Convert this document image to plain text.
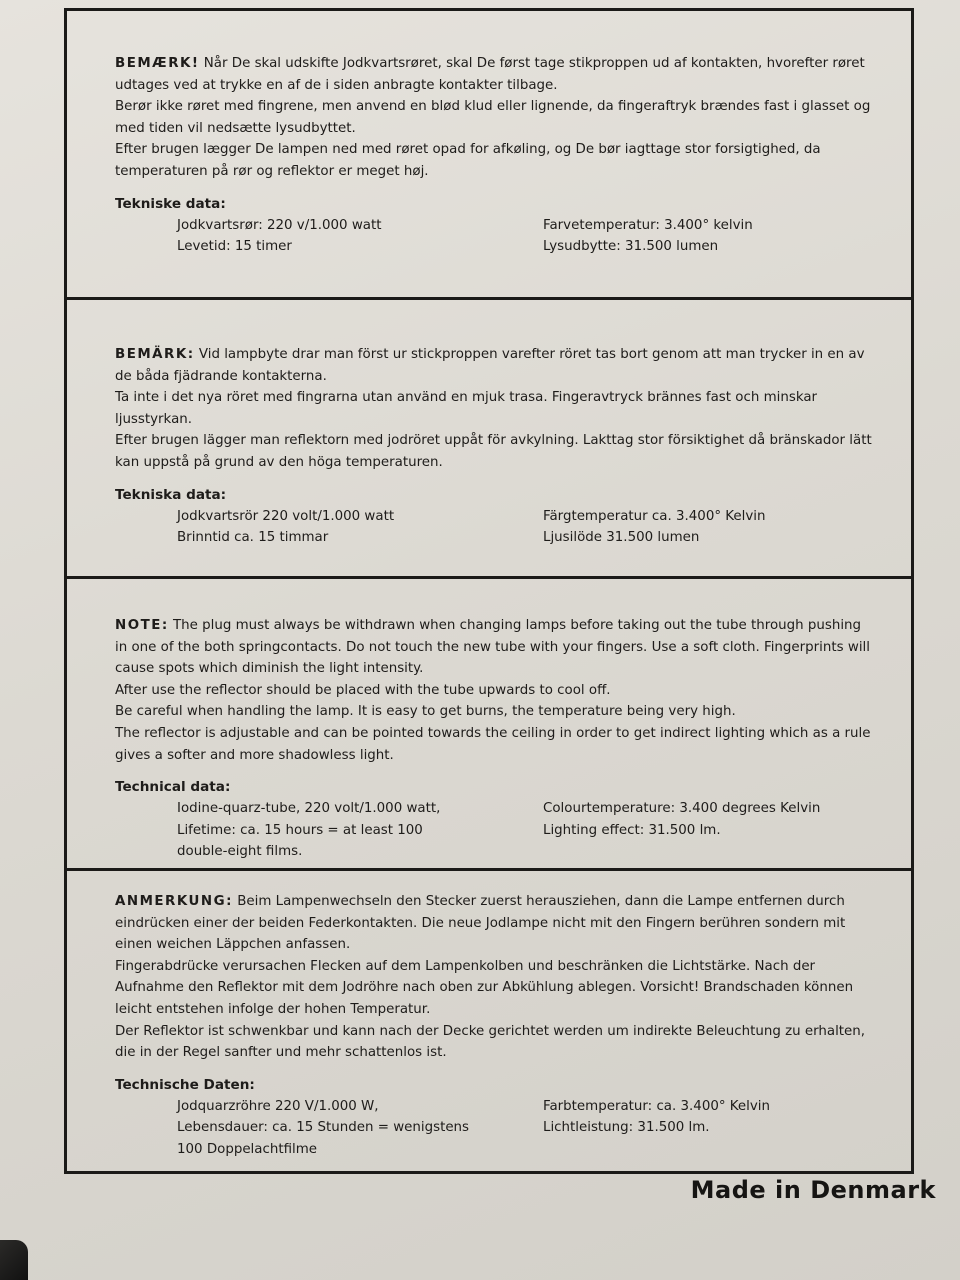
BEMÆRK! Når De skal udskifte Jodkvartsrøret, skal De først tage stikproppen ud af kontakten, hvorefter røret udtages ved at trykke en af de i siden anbragte kontakter tilbage.

Berør ikke røret med fingrene, men anvend en blød klud eller lignende, da fingeraftryk brændes fast i glasset og med tiden vil nedsætte lysudbyttet.

Efter brugen lægger De lampen ned med røret opad for afkøling, og De bør iagttage stor forsigtighed, da temperaturen på rør og reflektor er meget høj.

Tekniske data:

Jodkvartsrør: 220 v/1.000 watt
Levetid: 15 timer
Farvetemperatur: 3.400° kelvin
Lysudbytte: 31.500 lumen

BEMÄRK: Vid lampbyte drar man först ur stickproppen varefter röret tas bort genom att man trycker in en av de båda fjädrande kontakterna.

Ta inte i det nya röret med fingrarna utan använd en mjuk trasa. Fingeravtryck brännes fast och minskar ljusstyrkan.

Efter brugen lägger man reflektorn med jodröret uppåt för avkylning. Lakttag stor försiktighet då bränskador lätt kan uppstå på grund av den höga temperaturen.

Tekniska data:

Jodkvartsrör 220 volt/1.000 watt
Brinntid ca. 15 timmar
Färgtemperatur ca. 3.400° Kelvin
Ljusilöde 31.500 lumen

NOTE: The plug must always be withdrawn when changing lamps before taking out the tube through pushing in one of the both springcontacts. Do not touch the new tube with your fingers. Use a soft cloth. Fingerprints will cause spots which diminish the light intensity.

After use the reflector should be placed with the tube upwards to cool off.

Be careful when handling the lamp. It is easy to get burns, the temperature being very high.

The reflector is adjustable and can be pointed towards the ceiling in order to get indirect lighting which as a rule gives a softer and more shadowless light.

Technical data:

Iodine-quarz-tube, 220 volt/1.000 watt,
Lifetime: ca. 15 hours = at least 100
double-eight films.
Colourtemperature: 3.400 degrees Kelvin
Lighting effect: 31.500 lm.

ANMERKUNG: Beim Lampenwechseln den Stecker zuerst herausziehen, dann die Lampe entfernen durch eindrücken einer der beiden Federkontakten. Die neue Jodlampe nicht mit den Fingern berühren sondern mit einen weichen Läppchen anfassen.

Fingerabdrücke verursachen Flecken auf dem Lampenkolben und beschränken die Lichtstärke. Nach der Aufnahme den Reflektor mit dem Jodröhre nach oben zur Abkühlung ablegen. Vorsicht! Brandschaden können leicht entstehen infolge der hohen Temperatur.

Der Reflektor ist schwenkbar und kann nach der Decke gerichtet werden um indirekte Beleuchtung zu erhalten, die in der Regel sanfter und mehr schattenlos ist.

Technische Daten:

Jodquarzröhre 220 V/1.000 W,
Lebensdauer: ca. 15 Stunden = wenigstens
100 Doppelachtfilme
Farbtemperatur: ca. 3.400° Kelvin
Lichtleistung: 31.500 lm.
Made in Denmark
